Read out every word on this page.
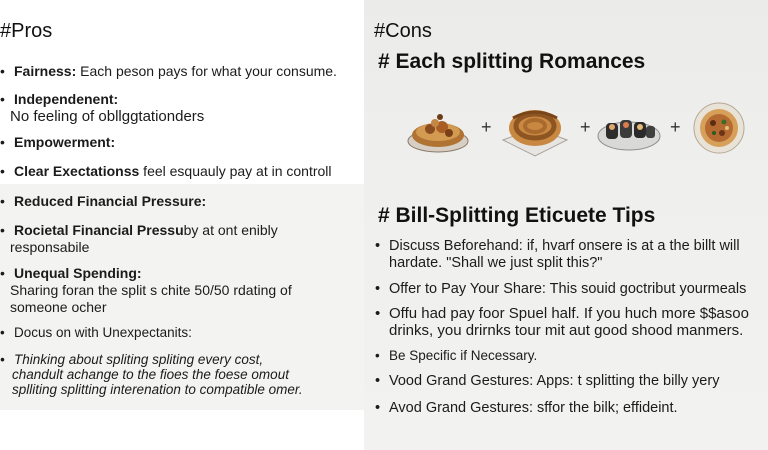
#Pros
• Fairness: Each peson pays for what your consume.
• Independenent:
No feeling of obllggtationders
• Empowerment:
• Clear Exectationss feel esquauly pay at in controll
• Reduced Financial Pressure:
• Rocietal Financial Pressuby at ont enibly
responsabile
• Unequal Spending:
Sharing foran the split s chite 50/50 rdating of
someone ocher
• Docus on with Unexpectanits:
• Thinking about spliting spliting every cost,
chandult achange to the fioes the foese omout
splliting splitting interenation to compatible omer.
#Cons
# Each splitting Romances
+	+	+
# Bill-Splitting Eticuete Tips
• Discuss Beforehand: if, hvarf onsere is at a the billt will
hardate. "Shall we just split this?"
• Offer to Pay Your Share: This souid goctribut yourmeals
• Offu had pay foor Spuel half. If you huch more $$asoo
drinks, you drirnks tour mit aut good shood manmers.
• Be Specific if Necessary.
• Vood Grand Gestures: Apps: t splitting the billy yery
• Avod Grand Gestures: sffor the bilk; effideint.
